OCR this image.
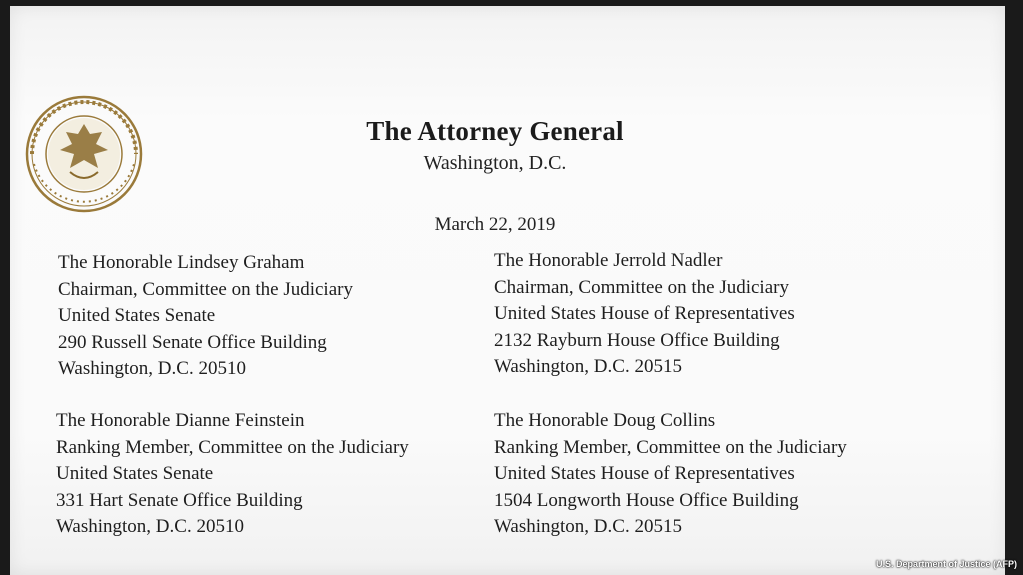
The Attorney General
Washington, D.C.
March 22, 2019
The Honorable Lindsey Graham
Chairman, Committee on the Judiciary
United States Senate
290 Russell Senate Office Building
Washington, D.C. 20510
The Honorable Jerrold Nadler
Chairman, Committee on the Judiciary
United States House of Representatives
2132 Rayburn House Office Building
Washington, D.C. 20515
The Honorable Dianne Feinstein
Ranking Member, Committee on the Judiciary
United States Senate
331 Hart Senate Office Building
Washington, D.C. 20510
The Honorable Doug Collins
Ranking Member, Committee on the Judiciary
United States House of Representatives
1504 Longworth House Office Building
Washington, D.C. 20515
U.S. Department of Justice (AFP)
